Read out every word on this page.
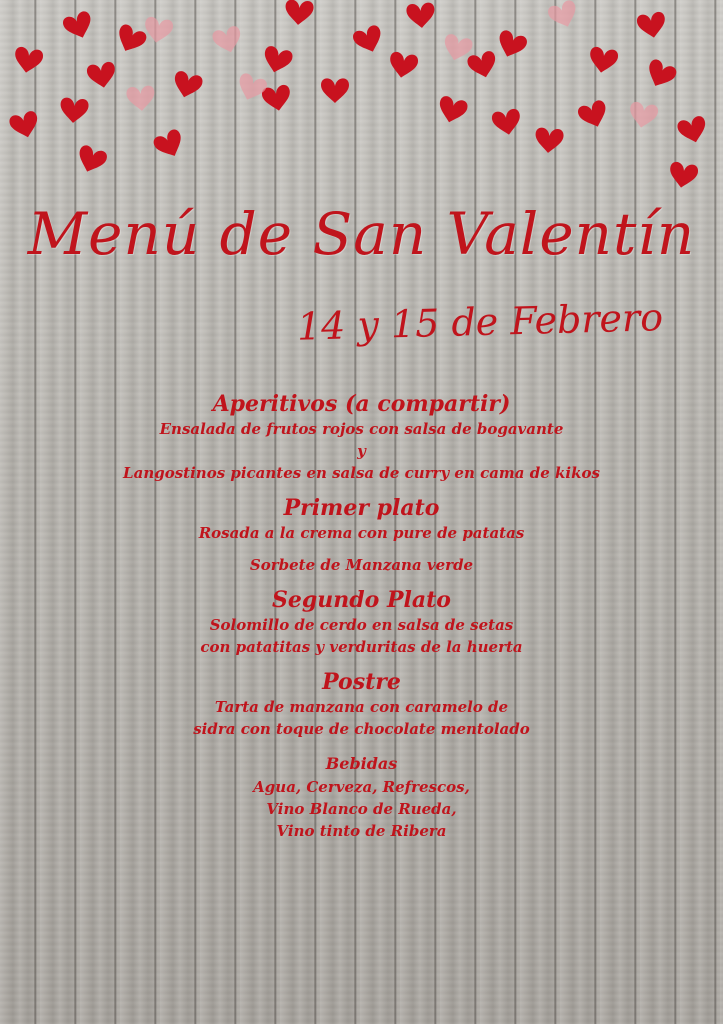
Menú de San Valentín
14 y 15 de Febrero
Aperitivos (a compartir)
Ensalada de frutos rojos con salsa de bogavante
y
Langostinos picantes en salsa de curry en cama de kikos
Primer plato
Rosada a la crema con pure de patatas
Sorbete de Manzana verde
Segundo Plato
Solomillo de cerdo en salsa de setas
con patatitas y verduritas de la huerta
Postre
Tarta de manzana con caramelo de
sidra con toque de chocolate mentolado
Bebidas
Agua, Cerveza, Refrescos,
Vino Blanco de Rueda,
Vino tinto de Ribera
